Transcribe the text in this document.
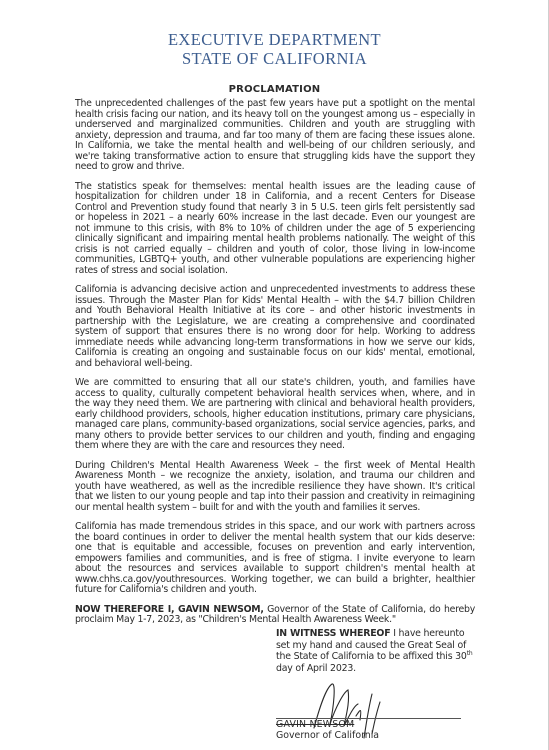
EXECUTIVE DEPARTMENT
STATE OF CALIFORNIA
PROCLAMATION

The unprecedented challenges of the past few years have put a spotlight on the mental health crisis facing our nation, and its heavy toll on the youngest among us – especially in underserved and marginalized communities. Children and youth are struggling with anxiety, depression and trauma, and far too many of them are facing these issues alone. In California, we take the mental health and well-being of our children seriously, and we're taking transformative action to ensure that struggling kids have the support they need to grow and thrive.

The statistics speak for themselves: mental health issues are the leading cause of hospitalization for children under 18 in California, and a recent Centers for Disease Control and Prevention study found that nearly 3 in 5 U.S. teen girls felt persistently sad or hopeless in 2021 – a nearly 60% increase in the last decade. Even our youngest are not immune to this crisis, with 8% to 10% of children under the age of 5 experiencing clinically significant and impairing mental health problems nationally. The weight of this crisis is not carried equally – children and youth of color, those living in low-income communities, LGBTQ+ youth, and other vulnerable populations are experiencing higher rates of stress and social isolation.

California is advancing decisive action and unprecedented investments to address these issues. Through the Master Plan for Kids' Mental Health – with the $4.7 billion Children and Youth Behavioral Health Initiative at its core – and other historic investments in partnership with the Legislature, we are creating a comprehensive and coordinated system of support that ensures there is no wrong door for help. Working to address immediate needs while advancing long-term transformations in how we serve our kids, California is creating an ongoing and sustainable focus on our kids' mental, emotional, and behavioral well-being.

We are committed to ensuring that all our state's children, youth, and families have access to quality, culturally competent behavioral health services when, where, and in the way they need them. We are partnering with clinical and behavioral health providers, early childhood providers, schools, higher education institutions, primary care physicians, managed care plans, community-based organizations, social service agencies, parks, and many others to provide better services to our children and youth, finding and engaging them where they are with the care and resources they need.

During Children's Mental Health Awareness Week – the first week of Mental Health Awareness Month – we recognize the anxiety, isolation, and trauma our children and youth have weathered, as well as the incredible resilience they have shown. It's critical that we listen to our young people and tap into their passion and creativity in reimagining our mental health system – built for and with the youth and families it serves.

California has made tremendous strides in this space, and our work with partners across the board continues in order to deliver the mental health system that our kids deserve: one that is equitable and accessible, focuses on prevention and early intervention, empowers families and communities, and is free of stigma. I invite everyone to learn about the resources and services available to support children's mental health at www.chhs.ca.gov/youthresources. Working together, we can build a brighter, healthier future for California's children and youth.

NOW THEREFORE I, GAVIN NEWSOM, Governor of the State of California, do hereby proclaim May 1-7, 2023, as "Children's Mental Health Awareness Week."

IN WITNESS WHEREOF I have hereunto set my hand and caused the Great Seal of the State of California to be affixed this 30th day of April 2023.
GAVIN NEWSOM
Governor of California
